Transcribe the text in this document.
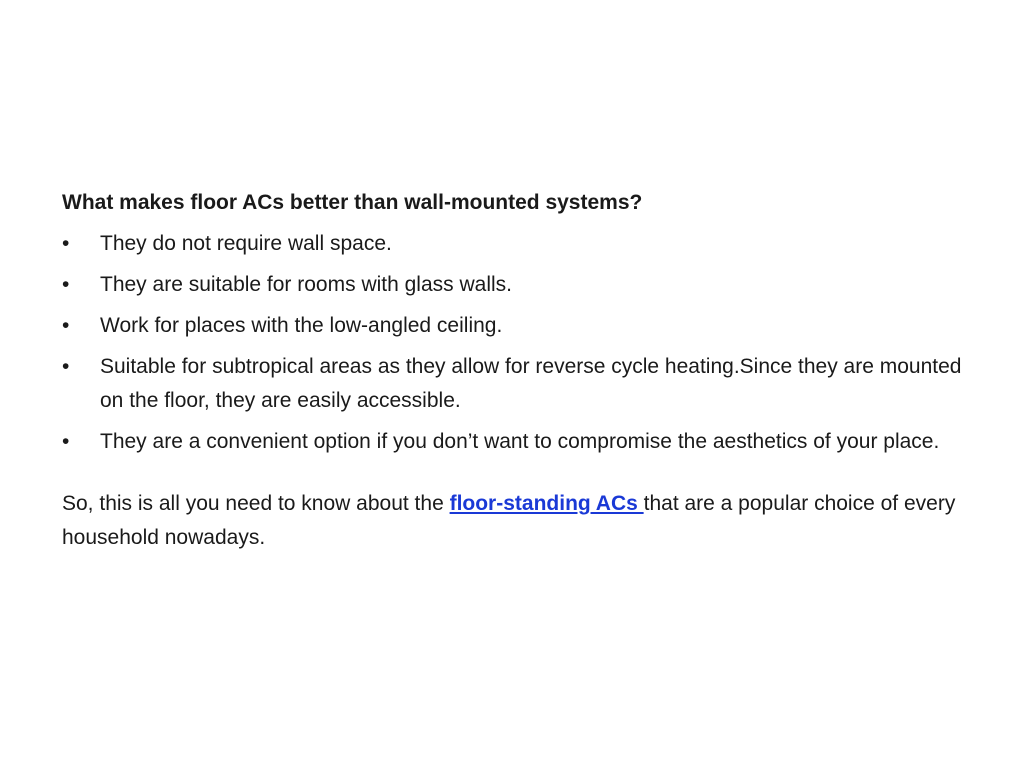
What makes floor ACs better than wall-mounted systems?
•	They do not require wall space.
•	They are suitable for rooms with glass walls.
•	Work for places with the low-angled ceiling.
•	Suitable for subtropical areas as they allow for reverse cycle heating.Since they are mounted on the floor, they are easily accessible.
•	They are a convenient option if you don’t want to compromise the aesthetics of your place.

So, this is all you need to know about the floor-standing ACs that are a popular choice of every household nowadays.
